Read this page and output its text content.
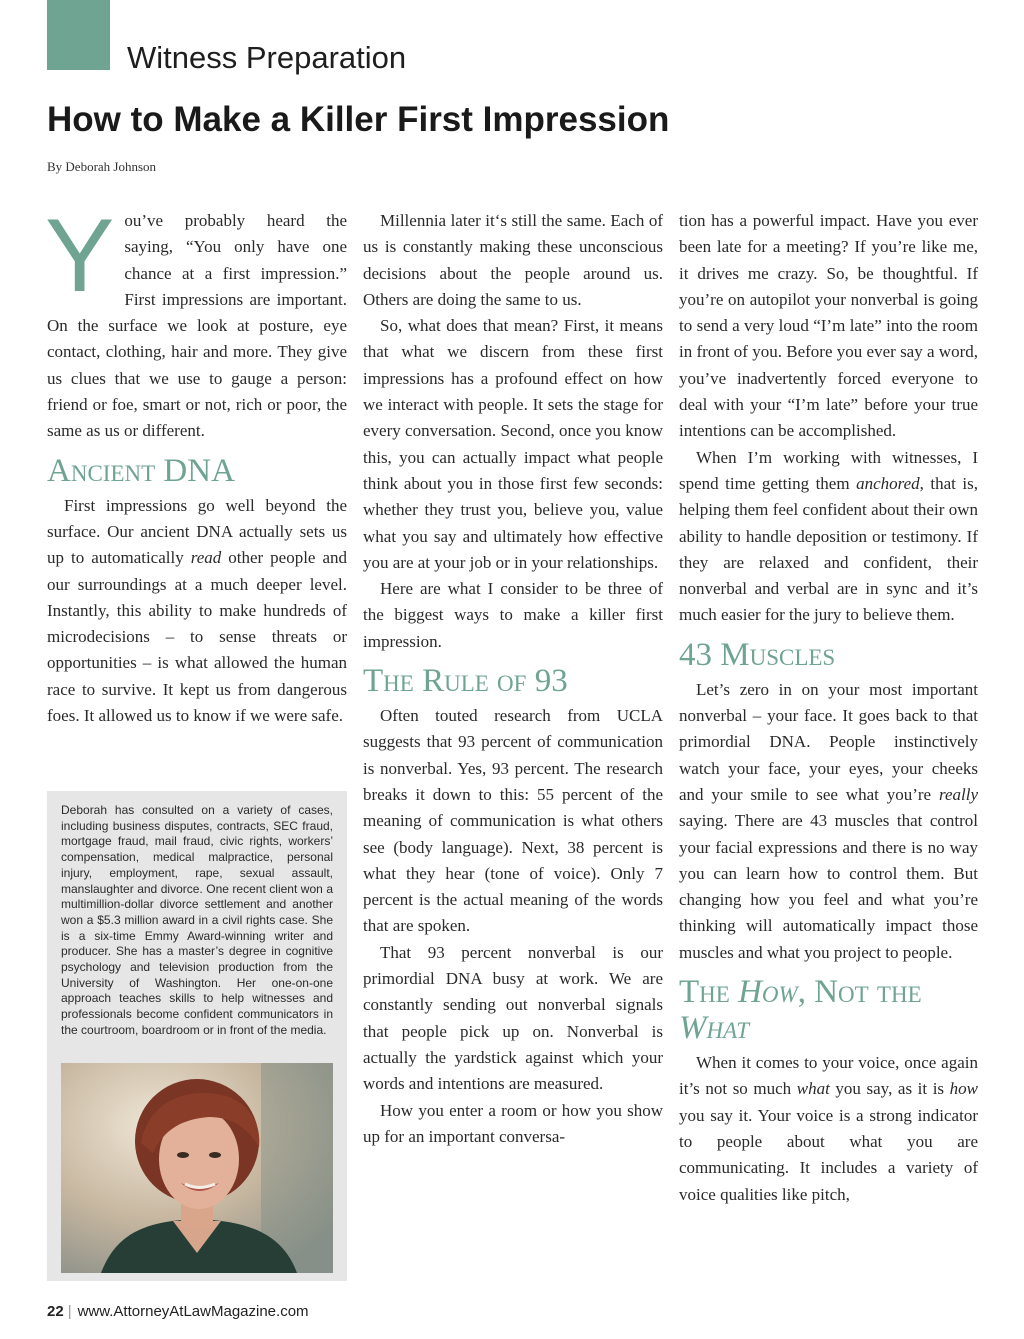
Witness Preparation
How to Make a Killer First Impression
By Deborah Johnson

You’ve probably heard the saying, “You only have one chance at a first impression.” First impressions are important. On the surface we look at posture, eye contact, clothing, hair and more. They give us clues that we use to gauge a person: friend or foe, smart or not, rich or poor, the same as us or different.

Ancient DNA

First impressions go well beyond the surface. Our ancient DNA actually sets us up to automatically read other people and our surroundings at a much deeper level. Instantly, this ability to make hundreds of microdecisions – to sense threats or opportunities – is what allowed the human race to survive. It kept us from dangerous foes. It allowed us to know if we were safe.

Deborah has consulted on a variety of cases, including business disputes, contracts, SEC fraud, mortgage fraud, mail fraud, civic rights, workers’ compensation, medical malpractice, personal injury, employment, rape, sexual assault, manslaughter and divorce. One recent client won a multimillion-dollar divorce settlement and another won a $5.3 million award in a civil rights case. She is a six-time Emmy Award-winning writer and producer. She has a master’s degree in cognitive psychology and television production from the University of Washington. Her one-on-one approach teaches skills to help witnesses and professionals become confident communicators in the courtroom, boardroom or in front of the media.

Millennia later it‘s still the same. Each of us is constantly making these unconscious decisions about the people around us. Others are doing the same to us.

So, what does that mean? First, it means that what we discern from these first impressions has a profound effect on how we interact with people. It sets the stage for every conversation. Second, once you know this, you can actually impact what people think about you in those first few seconds: whether they trust you, believe you, value what you say and ultimately how effective you are at your job or in your relationships.

Here are what I consider to be three of the biggest ways to make a killer first impression.

The Rule of 93

Often touted research from UCLA suggests that 93 percent of communication is nonverbal. Yes, 93 percent. The research breaks it down to this: 55 percent of the meaning of communication is what others see (body language). Next, 38 percent is what they hear (tone of voice). Only 7 percent is the actual meaning of the words that are spoken.

That 93 percent nonverbal is our primordial DNA busy at work. We are constantly sending out nonverbal signals that people pick up on. Nonverbal is actually the yardstick against which your words and intentions are measured.

How you enter a room or how you show up for an important conversa-

tion has a powerful impact. Have you ever been late for a meeting? If you’re like me, it drives me crazy. So, be thoughtful. If you’re on autopilot your nonverbal is going to send a very loud “I’m late” into the room in front of you. Before you ever say a word, you’ve inadvertently forced everyone to deal with your “I’m late” before your true intentions can be accomplished.

When I’m working with witnesses, I spend time getting them anchored, that is, helping them feel confident about their own ability to handle deposition or testimony. If they are relaxed and confident, their nonverbal and verbal are in sync and it’s much easier for the jury to believe them.

43 Muscles

Let’s zero in on your most important nonverbal – your face. It goes back to that primordial DNA. People instinctively watch your face, your eyes, your cheeks and your smile to see what you’re really saying. There are 43 muscles that control your facial expressions and there is no way you can learn how to control them. But changing how you feel and what you’re thinking will automatically impact those muscles and what you project to people.

The How, Not the What

When it comes to your voice, once again it’s not so much what you say, as it is how you say it. Your voice is a strong indicator to people about what you are communicating. It includes a variety of voice qualities like pitch,

22 | www.AttorneyAtLawMagazine.com
